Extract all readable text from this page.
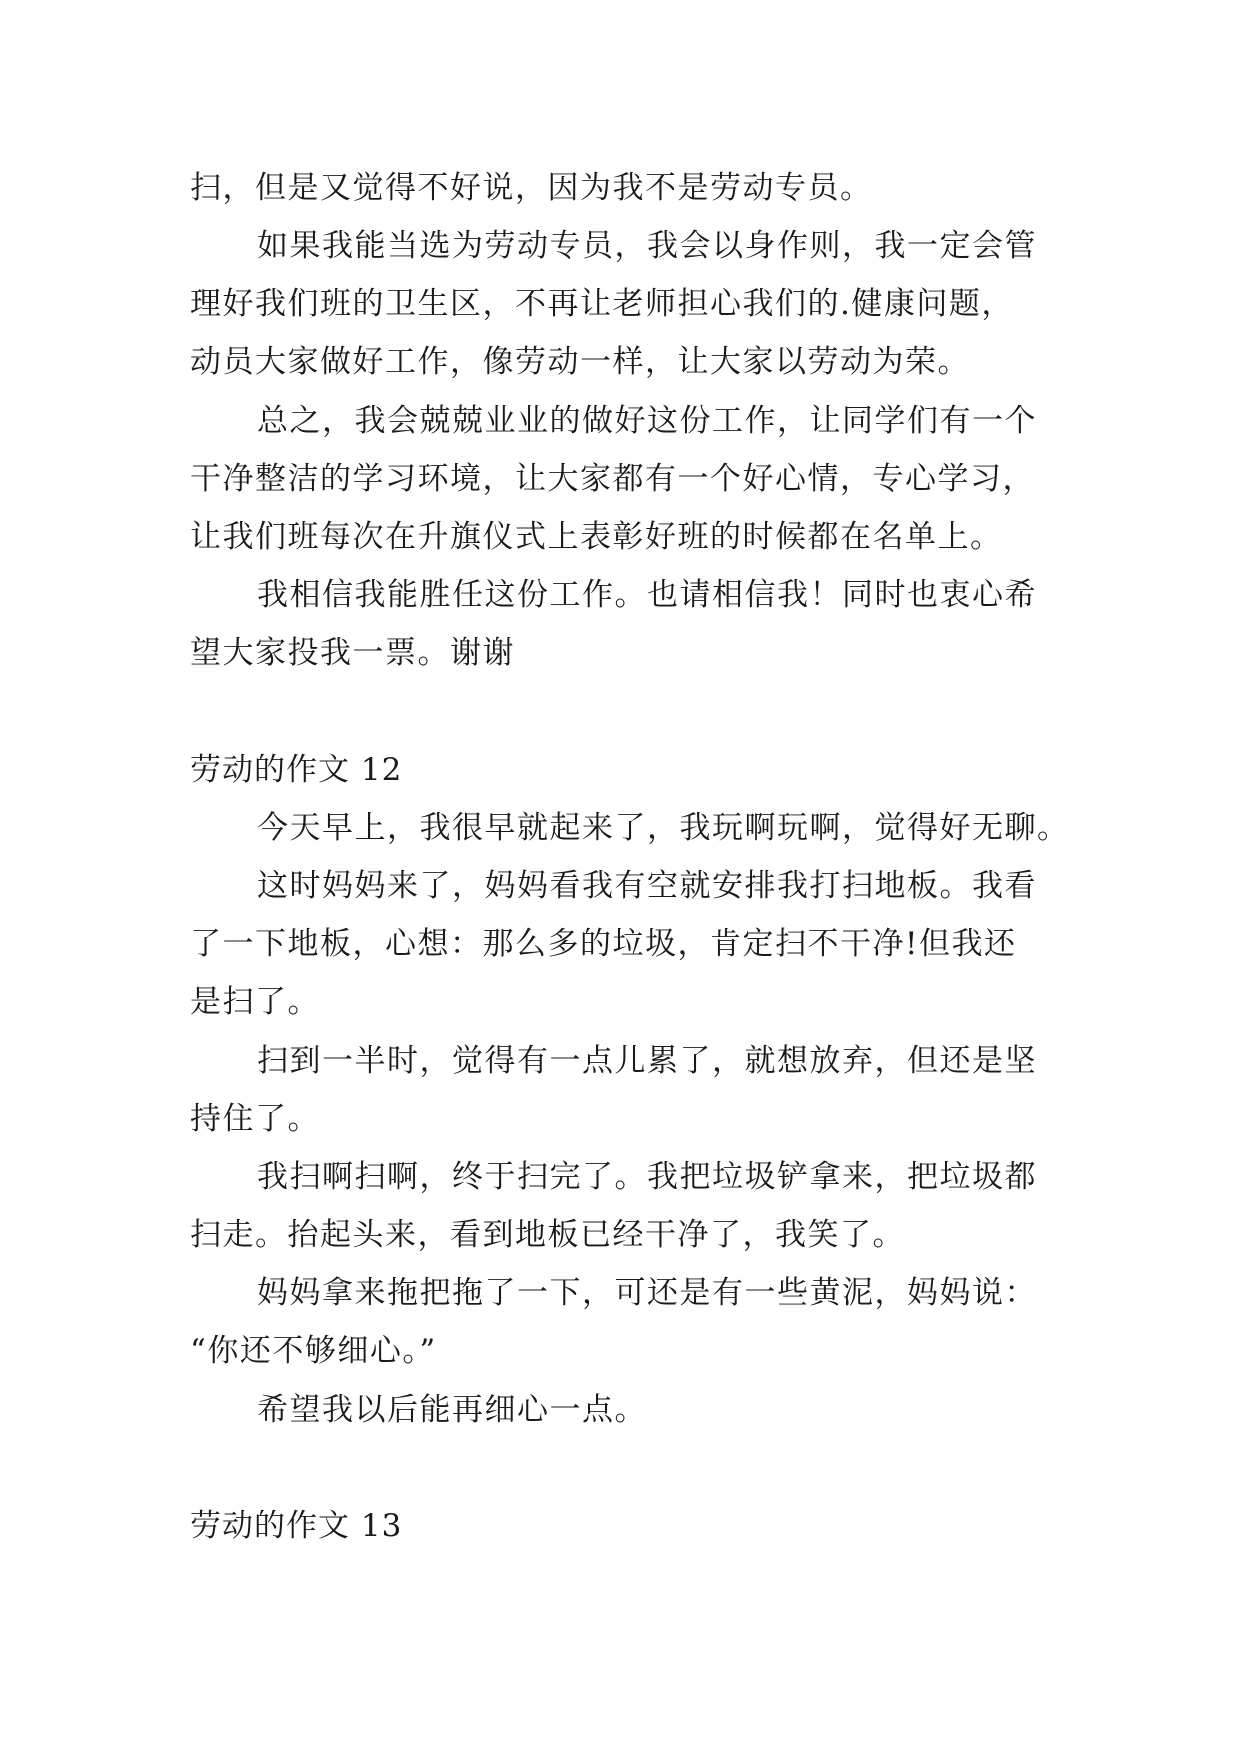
扫，但是又觉得不好说，因为我不是劳动专员。
如果我能当选为劳动专员，我会以身作则，我一定会管
理好我们班的卫生区，不再让老师担心我们的.健康问题，
动员大家做好工作，像劳动一样，让大家以劳动为荣。
总之，我会兢兢业业的做好这份工作，让同学们有一个
干净整洁的学习环境，让大家都有一个好心情，专心学习，
让我们班每次在升旗仪式上表彰好班的时候都在名单上。
我相信我能胜任这份工作。也请相信我！同时也衷心希
望大家投我一票。谢谢
劳动的作文 12
今天早上，我很早就起来了，我玩啊玩啊，觉得好无聊。
这时妈妈来了，妈妈看我有空就安排我打扫地板。我看
了一下地板，心想：那么多的垃圾，肯定扫不干净!但我还
是扫了。
扫到一半时，觉得有一点儿累了，就想放弃，但还是坚
持住了。
我扫啊扫啊，终于扫完了。我把垃圾铲拿来，把垃圾都
扫走。抬起头来，看到地板已经干净了，我笑了。
妈妈拿来拖把拖了一下，可还是有一些黄泥，妈妈说：
“你还不够细心。”
希望我以后能再细心一点。
劳动的作文 13
